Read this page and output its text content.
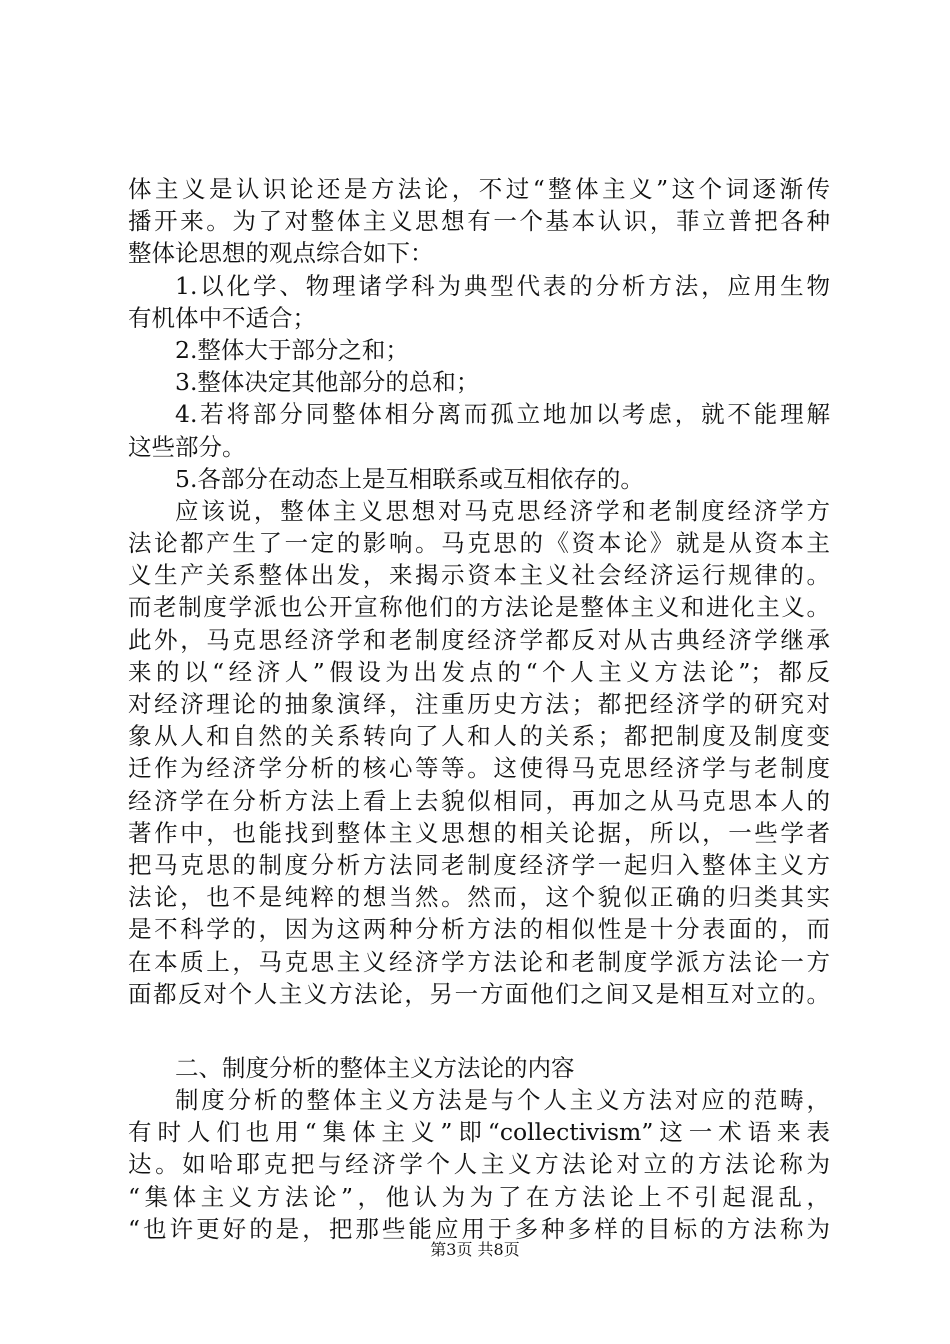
体主义是认识论还是方法论，不过“整体主义”这个词逐渐传
播开来。为了对整体主义思想有一个基本认识，菲立普把各种
整体论思想的观点综合如下：
1.以化学、物理诸学科为典型代表的分析方法，应用生物
有机体中不适合；
2.整体大于部分之和；
3.整体决定其他部分的总和；
4.若将部分同整体相分离而孤立地加以考虑，就不能理解
这些部分。
5.各部分在动态上是互相联系或互相依存的。
应该说，整体主义思想对马克思经济学和老制度经济学方
法论都产生了一定的影响。马克思的《资本论》就是从资本主
义生产关系整体出发，来揭示资本主义社会经济运行规律的。
而老制度学派也公开宣称他们的方法论是整体主义和进化主义。
此外，马克思经济学和老制度经济学都反对从古典经济学继承
来的以“经济人”假设为出发点的“个人主义方法论”；都反
对经济理论的抽象演绎，注重历史方法；都把经济学的研究对
象从人和自然的关系转向了人和人的关系；都把制度及制度变
迁作为经济学分析的核心等等。这使得马克思经济学与老制度
经济学在分析方法上看上去貌似相同，再加之从马克思本人的
著作中，也能找到整体主义思想的相关论据，所以，一些学者
把马克思的制度分析方法同老制度经济学一起归入整体主义方
法论，也不是纯粹的想当然。然而，这个貌似正确的归类其实
是不科学的，因为这两种分析方法的相似性是十分表面的，而
在本质上，马克思主义经济学方法论和老制度学派方法论一方
面都反对个人主义方法论，另一方面他们之间又是相互对立的。
二、制度分析的整体主义方法论的内容
制度分析的整体主义方法是与个人主义方法对应的范畴，
有时人们也用“集体主义”即“collectivism”这一术语来表
达。如哈耶克把与经济学个人主义方法论对立的方法论称为
“集体主义方法论”，他认为为了在方法论上不引起混乱，
“也许更好的是，把那些能应用于多种多样的目标的方法称为
第3页 共8页
